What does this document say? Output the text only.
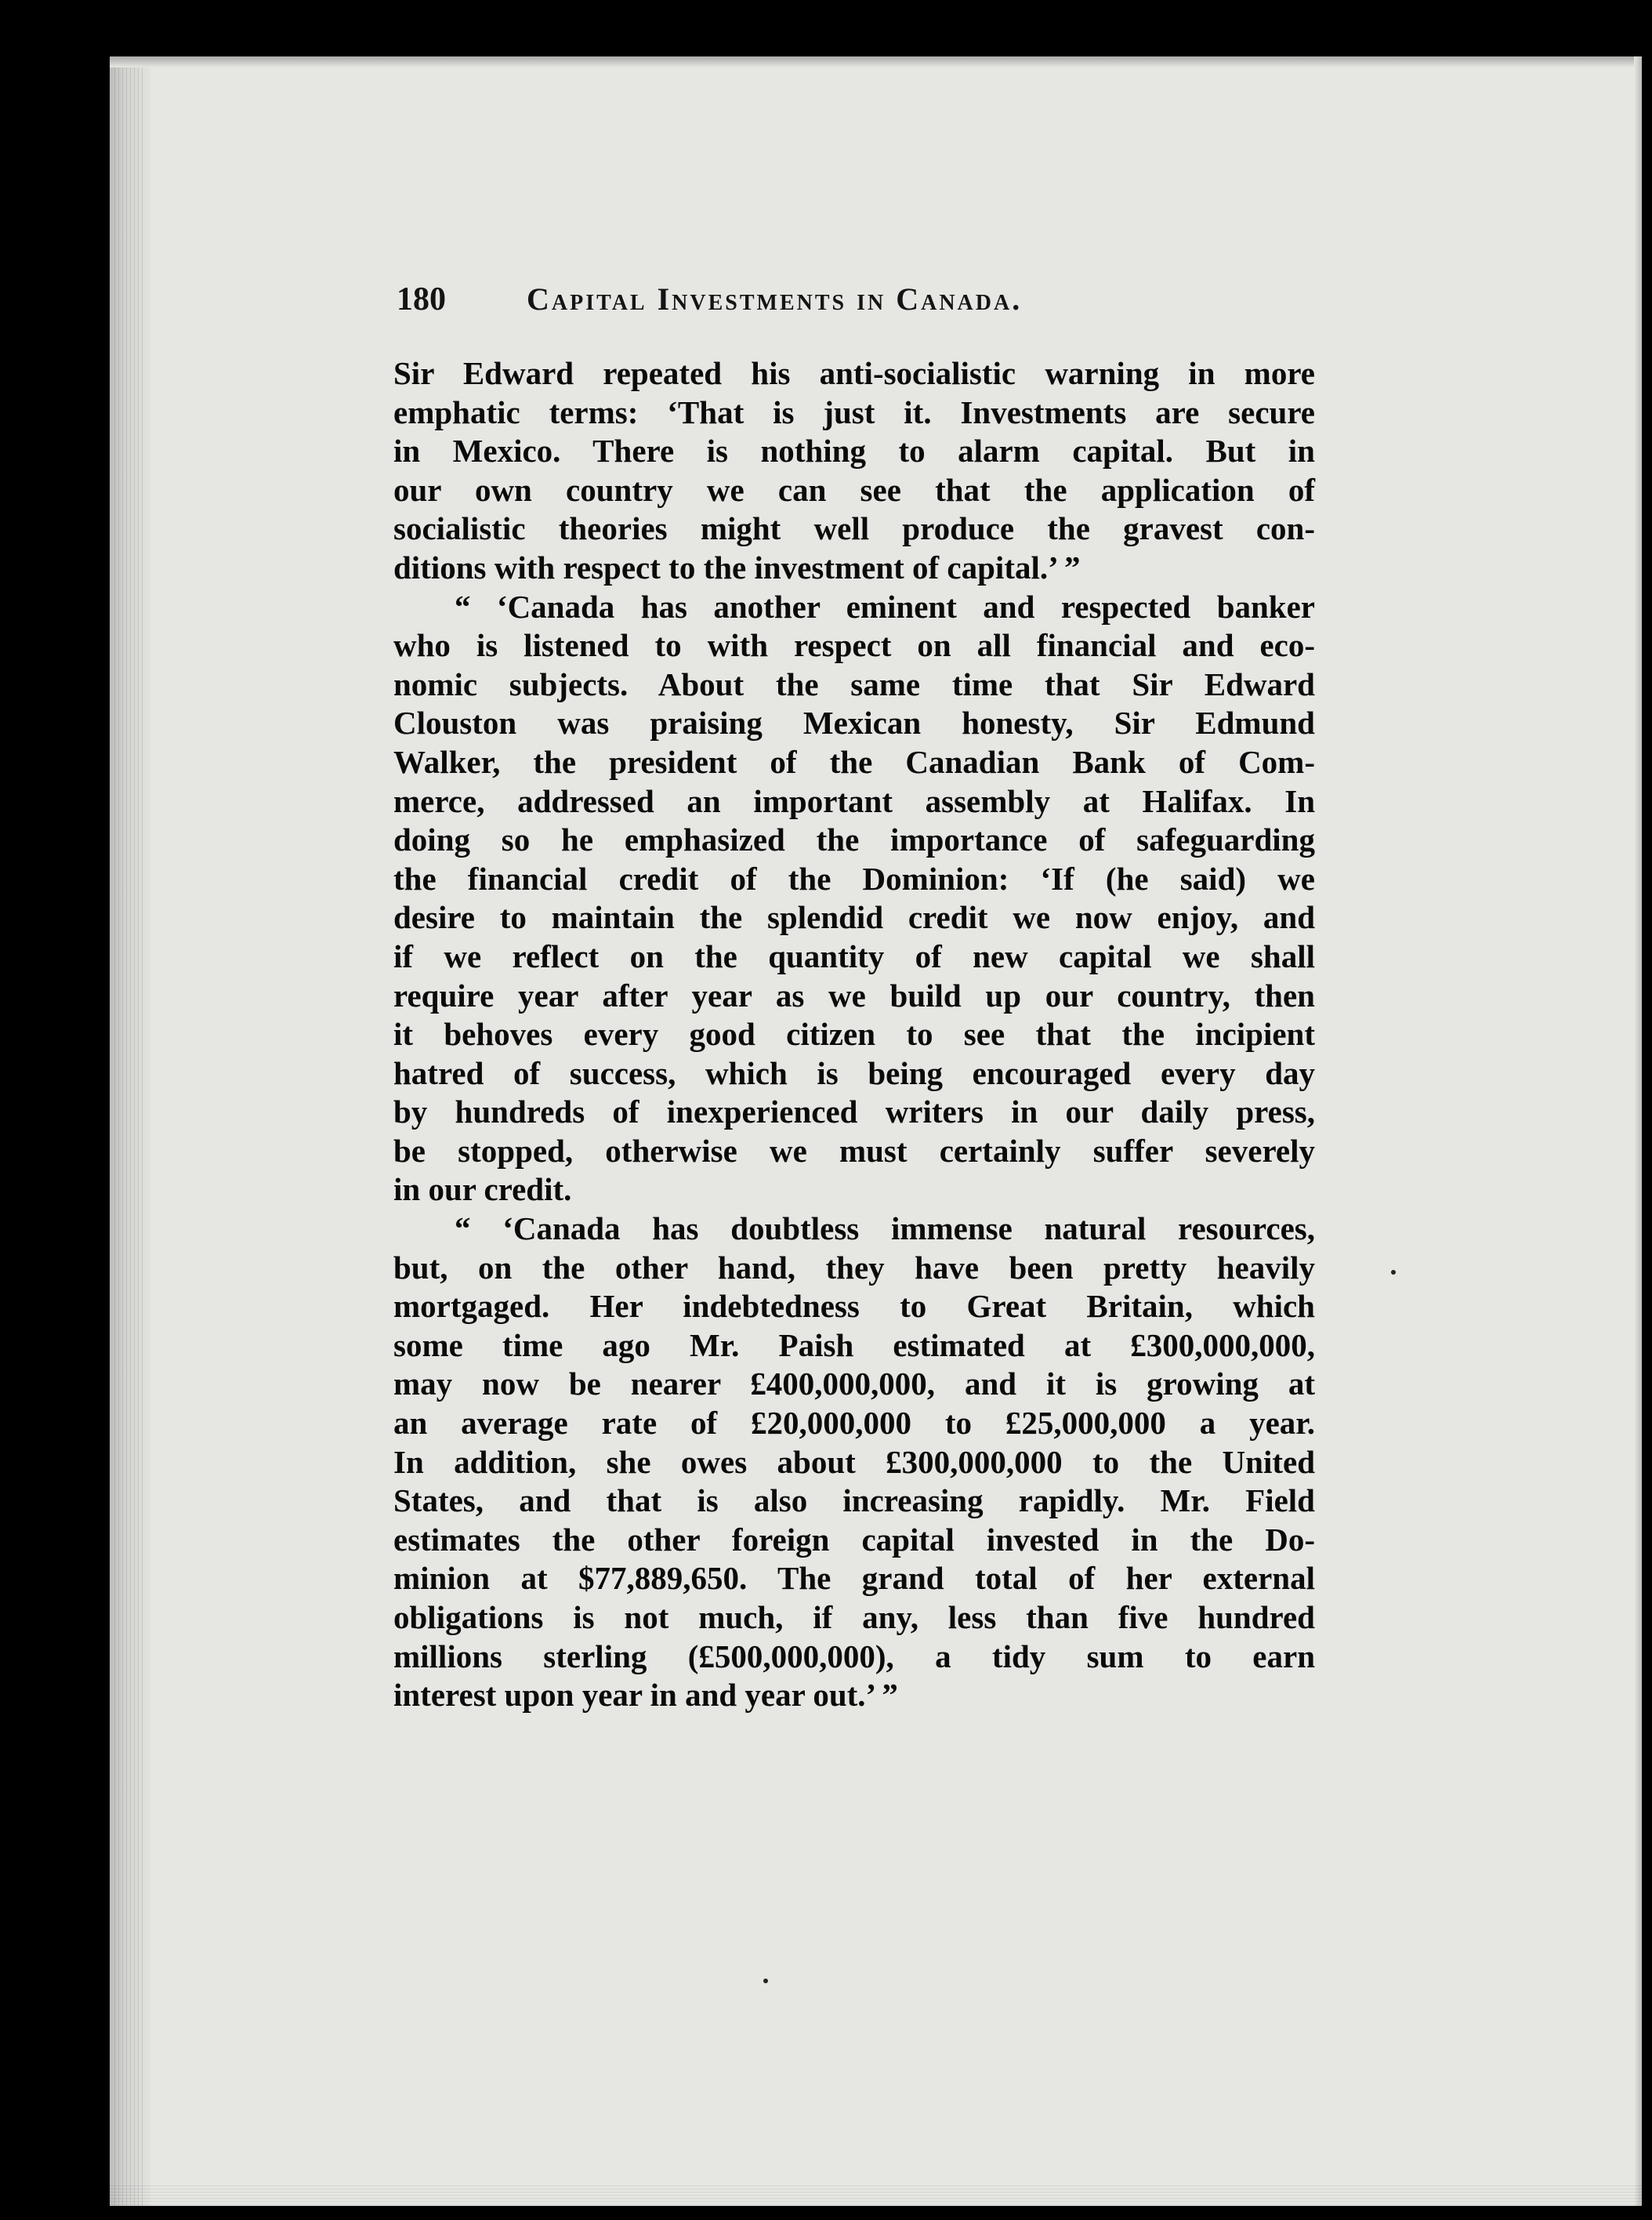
180	Capital Investments in Canada.
Sir Edward repeated his anti-socialistic warning in more
emphatic terms: ‘That is just it. Investments are secure
in Mexico. There is nothing to alarm capital. But in
our own country we can see that the application of
socialistic theories might well produce the gravest con-
ditions with respect to the investment of capital.’ ”
“ ‘Canada has another eminent and respected banker
who is listened to with respect on all financial and eco-
nomic subjects. About the same time that Sir Edward
Clouston was praising Mexican honesty, Sir Edmund
Walker, the president of the Canadian Bank of Com-
merce, addressed an important assembly at Halifax. In
doing so he emphasized the importance of safeguarding
the financial credit of the Dominion: ‘If (he said) we
desire to maintain the splendid credit we now enjoy, and
if we reflect on the quantity of new capital we shall
require year after year as we build up our country, then
it behoves every good citizen to see that the incipient
hatred of success, which is being encouraged every day
by hundreds of inexperienced writers in our daily press,
be stopped, otherwise we must certainly suffer severely
in our credit.
“ ‘Canada has doubtless immense natural resources,
but, on the other hand, they have been pretty heavily
mortgaged. Her indebtedness to Great Britain, which
some time ago Mr. Paish estimated at £300,000,000,
may now be nearer £400,000,000, and it is growing at
an average rate of £20,000,000 to £25,000,000 a year.
In addition, she owes about £300,000,000 to the United
States, and that is also increasing rapidly. Mr. Field
estimates the other foreign capital invested in the Do-
minion at $77,889,650. The grand total of her external
obligations is not much, if any, less than five hundred
millions sterling (£500,000,000), a tidy sum to earn
interest upon year in and year out.’ ”
